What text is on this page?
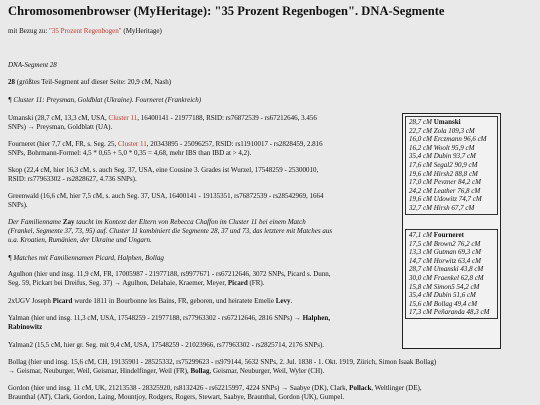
Chromosomenbrowser (MyHeritage): "35 Prozent Regenbogen". DNA-Segmente

mit Bezug zu: "35 Prozent Regenbogen" (MyHeritage)

DNA-Segment 28

28 (größtes Teil-Segment auf dieser Seite: 20,9 cM, Nash)

¶ Cluster 11: Preysman, Goldblat (Ukraine). Fourneret (Frankreich)

Umanski (28,7 cM, 13,3 cM, USA, Cluster 11, 16400141 - 21977188, RSID: rs76872539 - rs67212646, 3.456
SNPs) → Preysman, Goldblatt (UA).

Fourneret (hier 7,7 cM, FR, s. Seg. 25, Cluster 11, 20343895 - 25096257, RSID: rs11910017 - rs2828459, 2.816
SNPs, Bohrmann-Formel: 4,5 * 0,65 + 5,0 * 0,35 = 4,68, mehr IBS than IBD at > 4,2).

Skop (22,4 cM, hier 16,3 cM, s. auch Seg. 37, USA, eine Cousine 3. Grades ist Wurzel, 17548259 - 25300010,
RSID: rs77963302 - rs2828627, 4.736 SNPs).

Greenwald (16,6 cM, hier 7,5 cM, s. auch Seg. 37, USA, 16400141 - 19135351, rs76872539 - rs28542969, 1664
SNPs).

Der Familienname Zay taucht im Kontext der Eltern von Rebecca Chaffon im Cluster 11 bei einem Match
(Frankel, Segmente 37, 73, 95) auf. Cluster 11 kombiniert die Segmente 28, 37 und 73, das letztere mit Matches aus
u.a. Kroatien, Rumänien, der Ukraine und Ungarn.

¶ Matches mit Familiennamen Picard, Halphen, Bollag

Agulhon (hier und insg. 11,9 cM, FR, 17005987 - 21977188, rs9977671 - rs67212646, 3072 SNPs, Picard s. Dunn,
Seg. 59, Pickart bei Dreifus, Seg. 37) → Agulhon, Delahaie, Kraemer, Meyer, Picard (FR).

2xUGV Joseph Picard wurde 1811 in Bourbonne les Bains, FR, geboren, und heiratete Emelie Levy.

Yalman (hier und insg. 11,3 cM, USA, 17548259 - 21977188, rs77963302 - rs67212646, 2816 SNPs) → Halphen,
Rabinowitz

Yalman2 (15,5 cM, hier gr. Seg. mit 9,4 cM, USA, 17548259 - 21023966, rs77963302 - rs2825714, 2176 SNPs).

Bollag (hier und insg. 15,6 cM, CH, 19135901 - 28525332, rs75299623 - rs979144, 5632 SNPs, 2. Jul. 1838 - 1. Okt. 1919, Zürich, Simon Isaak Bollag)
→ Geismar, Neuburger, Weil, Geismar, Hindelfinger, Weil (FR), Bollag, Geismar, Neuburger, Weil, Wyler (CH).

Gordon (hier und insg. 11 cM, UK, 21213538 - 28325920, rs8132426 - rs62215997, 4224 SNPs) → Saabye (DK), Clark, Pollack, Weltlinger (DE),
Braunthal (AT), Clark, Gordon, Laing, Mountjoy, Rodgers, Rogers, Stewart, Saabye, Braunthal, Gordon (UK), Gumpel.

28,7 cM Umanski
22,7 cM Zola 109,3 cM
16,0 cM Erczmann 96,6 cM
16,2 cM Woolt 95,9 cM
35,4 cM Dubin 93,7 cM
17,6 cM Segal2 90,9 cM
19,6 cM Hirsh2 88,8 cM
17,0 cM Pevzner 84,2 cM
24,2 cM Leather 76,8 cM
19,6 cM Udowitz 74,7 cM
32,7 cM Hirsh 67,7 cM
47,1 cM Fourneret
17,5 cM Brown2 76,2 cM
13,3 cM Gutman 69,3 cM
14,7 cM Horwitz 63,4 cM
28,7 cM Umanski 43,8 cM
30,0 cM Fraenkel 62,8 cM
15,8 cM Simon5 54,2 cM
35,4 cM Dubin 51,6 cM
15,6 cM Bollag 49,4 cM
17,3 cM Peñaranda 48,3 cM
